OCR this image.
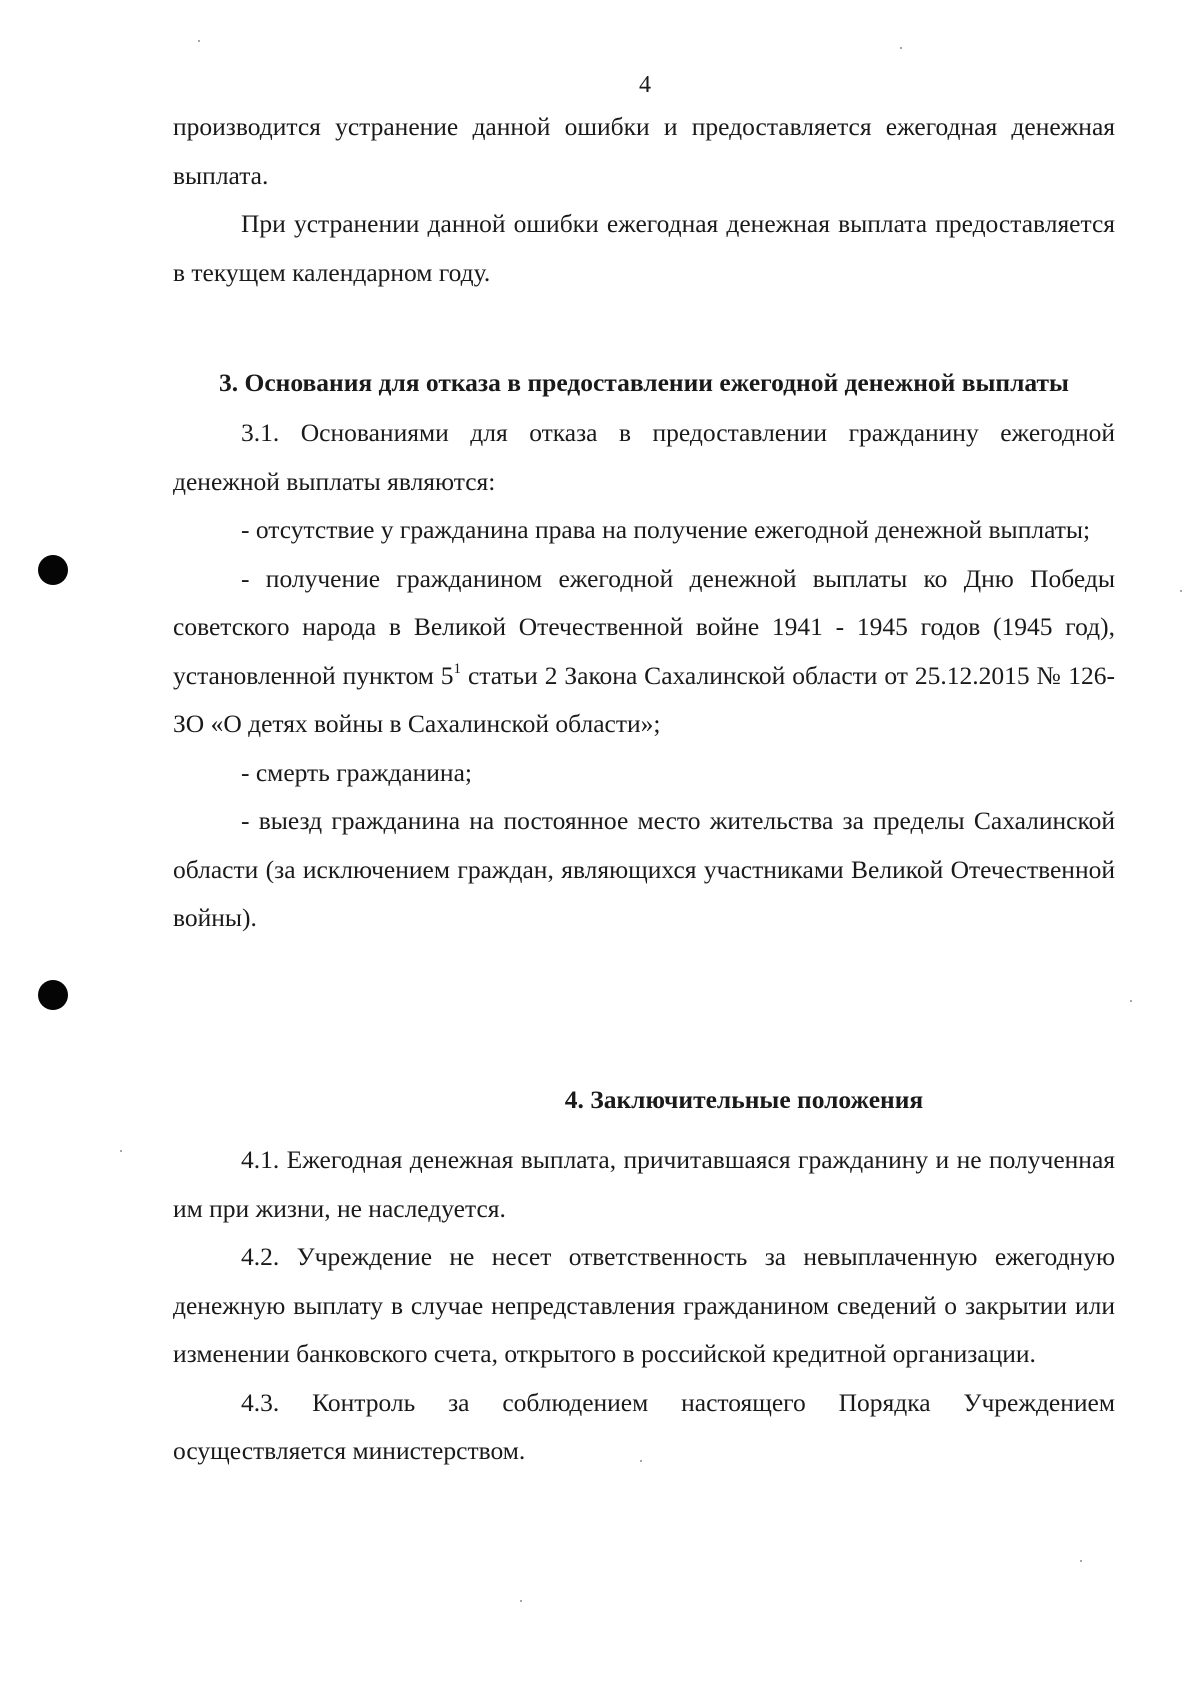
4

производится устранение данной ошибки и предоставляется ежегодная денежная выплата.

При устранении данной ошибки ежегодная денежная выплата предоставляется в текущем календарном году.

3. Основания для отказа в предоставлении ежегодной денежной выплаты

3.1. Основаниями для отказа в предоставлении гражданину ежегодной денежной выплаты являются:

- отсутствие у гражданина права на получение ежегодной денежной выплаты;

- получение гражданином ежегодной денежной выплаты ко Дню Победы советского народа в Великой Отечественной войне 1941 - 1945 годов (1945 год), установленной пунктом $5^1$ статьи 2 Закона Сахалинской области от 25.12.2015 № 126-ЗО «О детях войны в Сахалинской области»;

- смерть гражданина;

- выезд гражданина на постоянное место жительства за пределы Сахалинской области (за исключением граждан, являющихся участниками Великой Отечественной войны).

4. Заключительные положения

4.1. Ежегодная денежная выплата, причитавшаяся гражданину и не полученная им при жизни, не наследуется.

4.2. Учреждение не несет ответственность за невыплаченную ежегодную денежную выплату в случае непредставления гражданином сведений о закрытии или изменении банковского счета, открытого в российской кредитной организации.

4.3. Контроль за соблюдением настоящего Порядка Учреждением осуществляется министерством.
